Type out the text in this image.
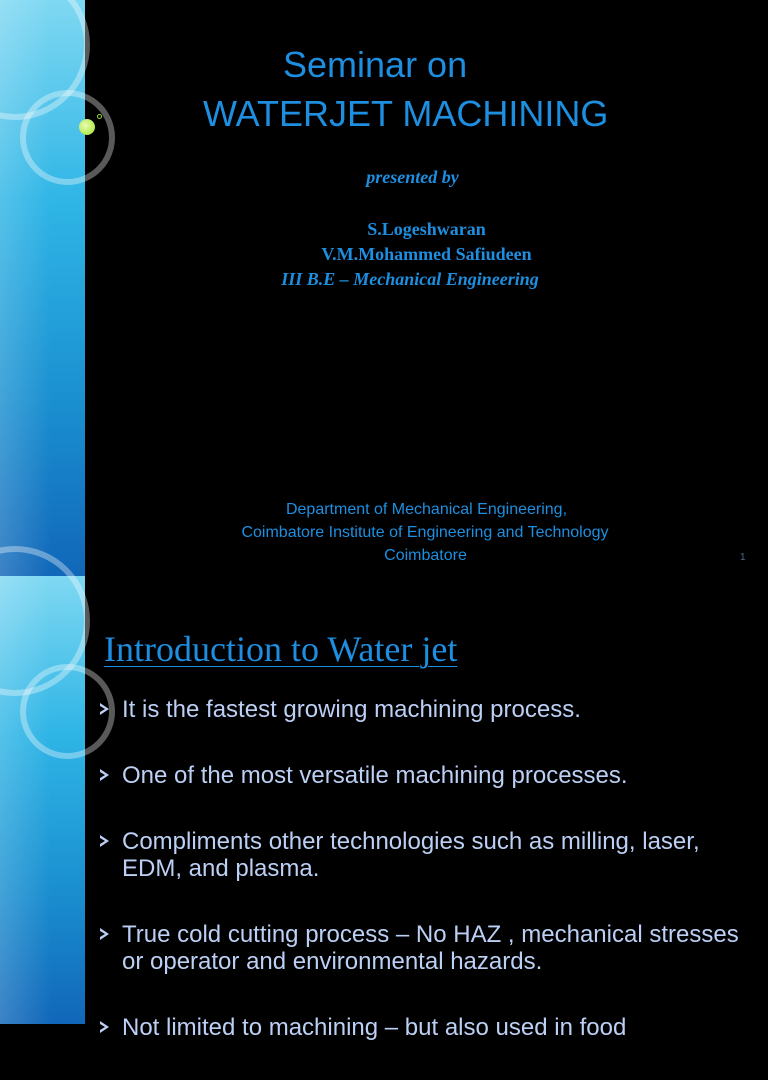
Seminar on
WATERJET MACHINING
presented by
S.Logeshwaran
V.M.Mohammed Safiudeen
III B.E – Mechanical Engineering
Department of Mechanical Engineering,
Coimbatore Institute of Engineering and Technology
Coimbatore	1
Introduction to Water jet
It is the fastest growing machining process.
One of the most versatile machining processes.
Compliments other technologies such as milling, laser, EDM, and plasma.
True cold cutting process – No HAZ , mechanical stresses or operator and environmental hazards.
Not limited to machining – but also used in food
